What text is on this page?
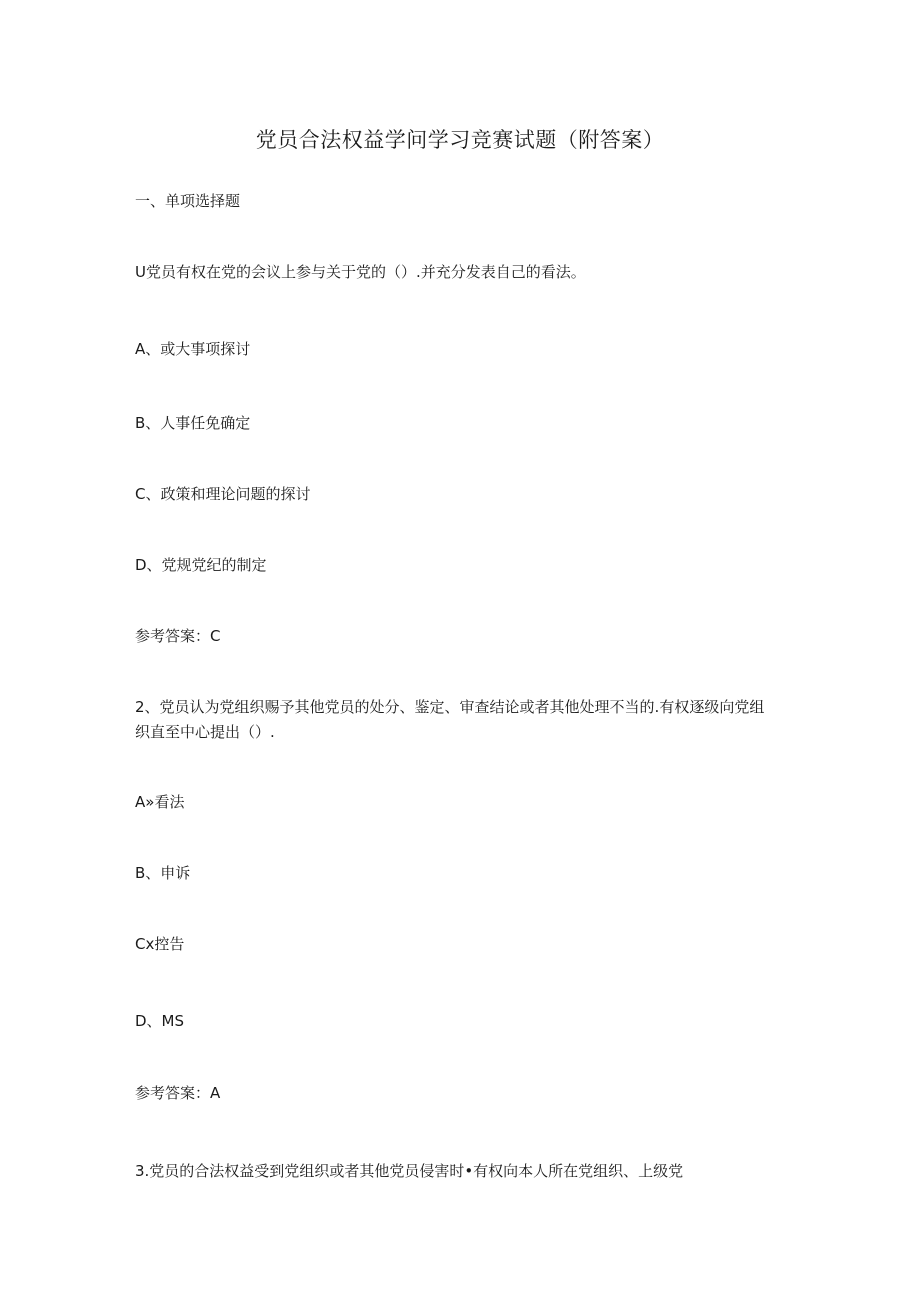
党员合法权益学问学习竞赛试题（附答案）
一、单项选择题
U党员有权在党的会议上参与关于党的（）.并充分发表自己的看法。
A、或大事项探讨
B、人事任免确定
C、政策和理论问题的探讨
D、党规党纪的制定
参考答案：C
2、党员认为党组织赐予其他党员的处分、鉴定、审查结论或者其他处理不当的.有权逐级向党组
织直至中心提出（）.
A»看法
B、申诉
Cx控告
D、MS
参考答案：A
3.党员的合法权益受到党组织或者其他党员侵害时•有权向本人所在党组织、上级党
